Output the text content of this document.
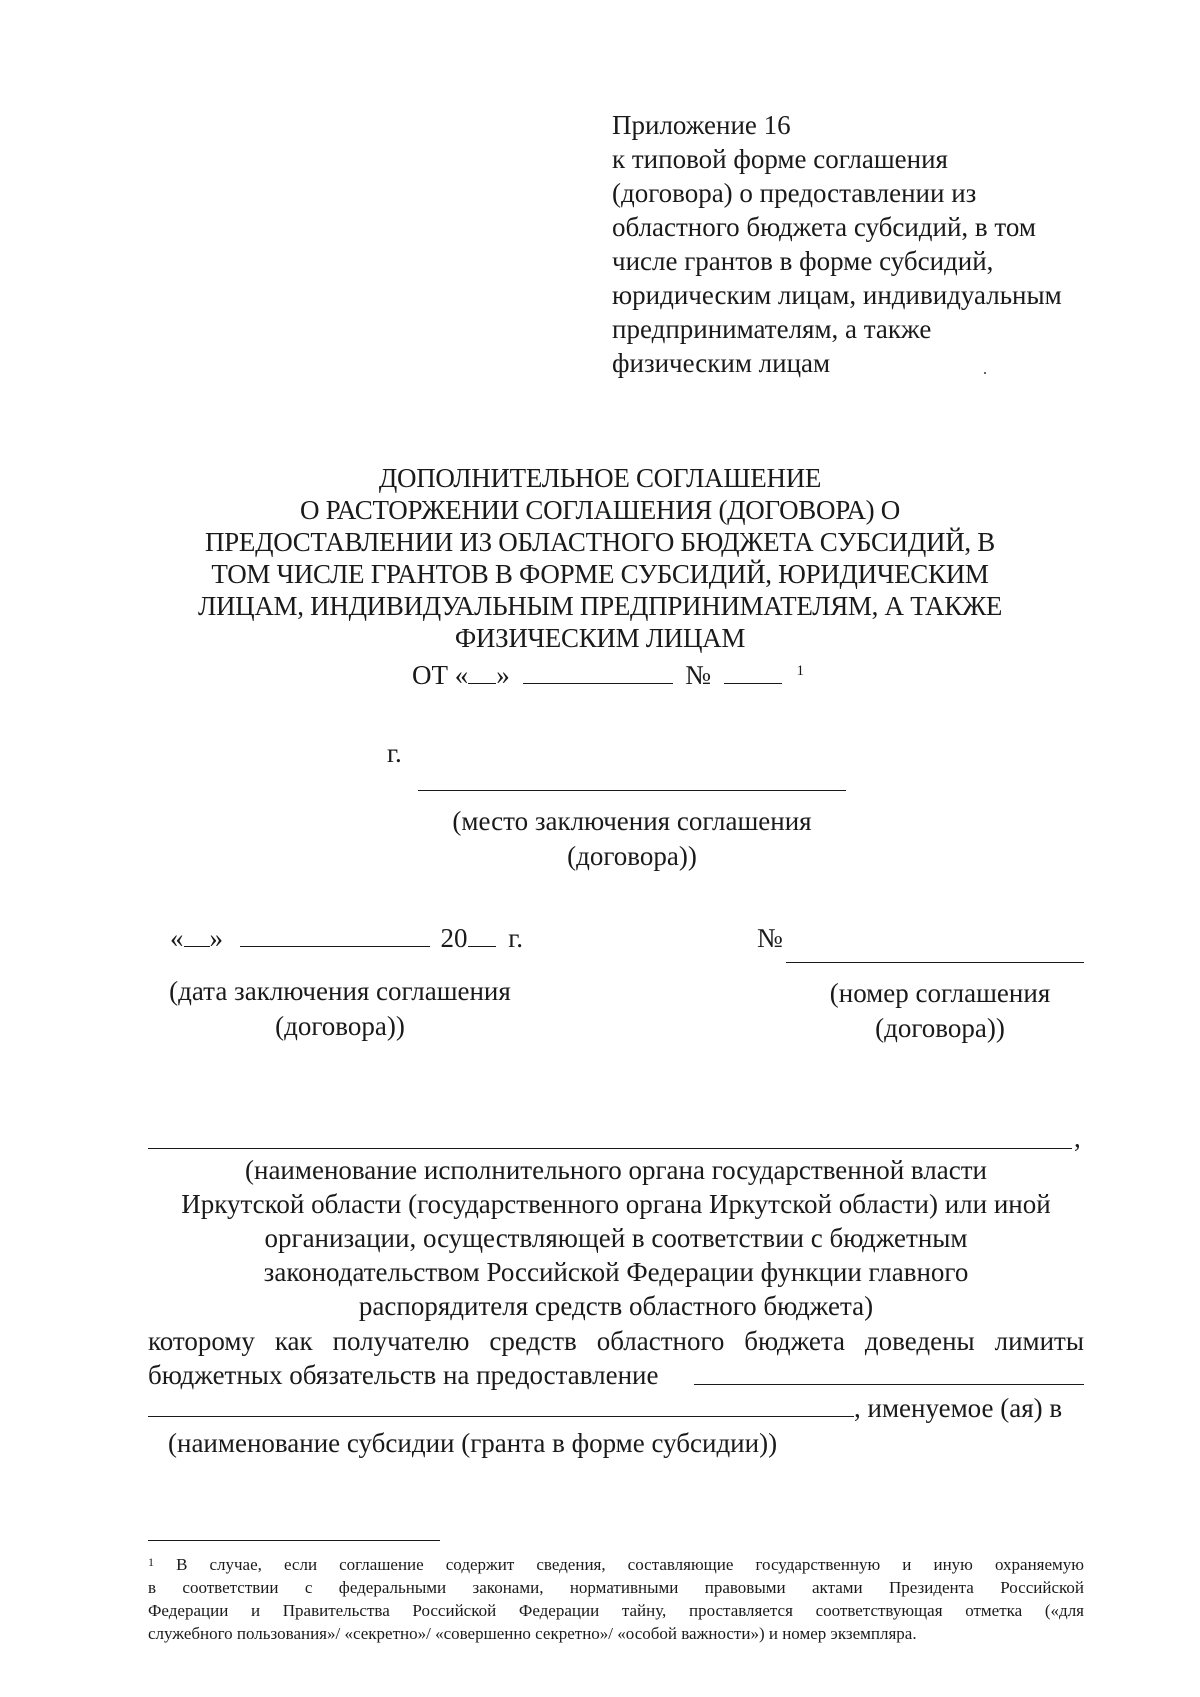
Приложение 16
к типовой форме соглашения
(договора) о предоставлении из
областного бюджета субсидий, в том
числе грантов в форме субсидий,
юридическим лицам, индивидуальным
предпринимателям, а также
физическим лицам
ДОПОЛНИТЕЛЬНОЕ СОГЛАШЕНИЕ
О РАСТОРЖЕНИИ СОГЛАШЕНИЯ (ДОГОВОРА) О
ПРЕДОСТАВЛЕНИИ ИЗ ОБЛАСТНОГО БЮДЖЕТА СУБСИДИЙ, В
ТОМ ЧИСЛЕ ГРАНТОВ В ФОРМЕ СУБСИДИЙ, ЮРИДИЧЕСКИМ
ЛИЦАМ, ИНДИВИДУАЛЬНЫМ ПРЕДПРИНИМАТЕЛЯМ, А ТАКЖЕ
ФИЗИЧЕСКИМ ЛИЦАМ
ОТ « »	№	$^1$
г.
(место заключения соглашения
(договора))
« »	20 г.
(дата заключения соглашения
(договора))
№
(номер соглашения
(договора))
,
(наименование исполнительного органа государственной власти
Иркутской области (государственного органа Иркутской области) или иной
организации, осуществляющей в соответствии с бюджетным
законодательством Российской Федерации функции главного
распорядителя средств областного бюджета)
которому как получателю средств областного бюджета доведены лимиты
бюджетных обязательств на предоставление
, именуемое (ая) в
(наименование субсидии (гранта в форме субсидии))
$^1$ В случае, если соглашение содержит сведения, составляющие государственную и иную охраняемую
в соответствии с федеральными законами, нормативными правовыми актами Президента Российской
Федерации и Правительства Российской Федерации тайну, проставляется соответствующая отметка («для
служебного пользования»/ «секретно»/ «совершенно секретно»/ «особой важности») и номер экземпляра.
